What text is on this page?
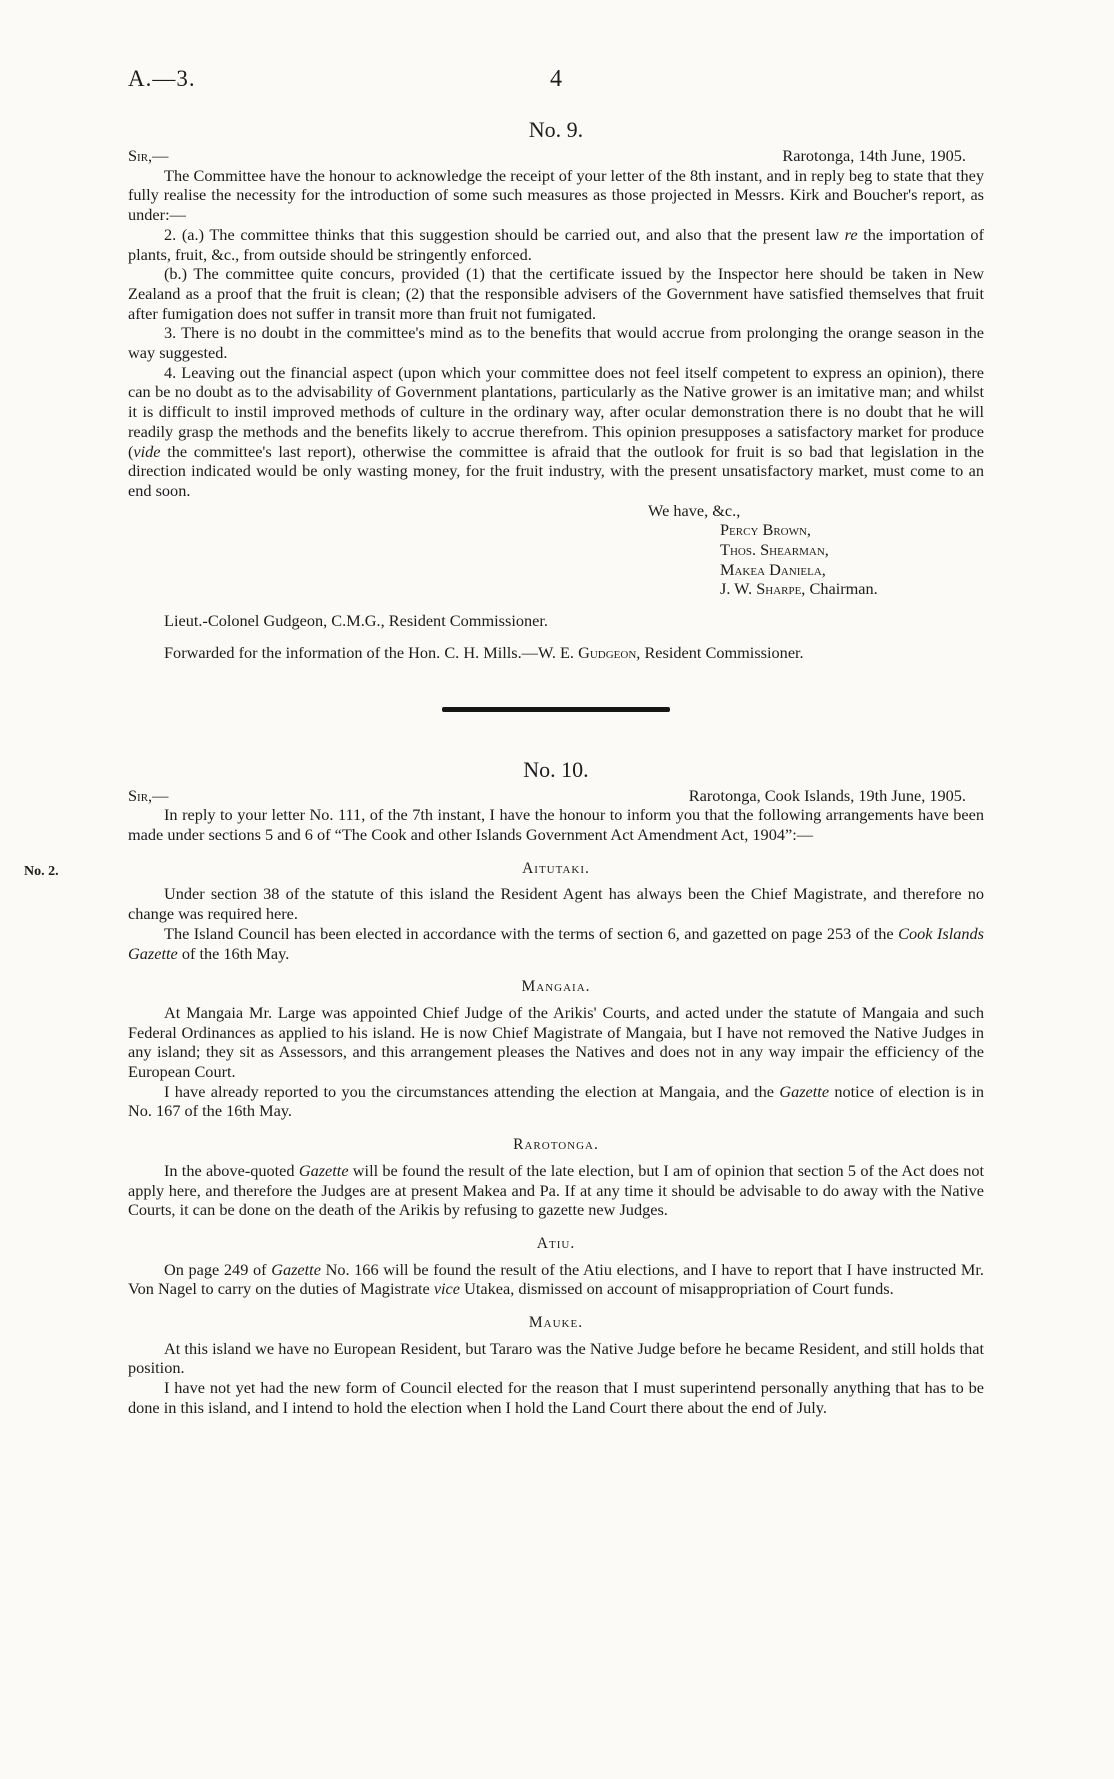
A.—3.	4
No. 2.
No. 9.
Sir,—	Rarotonga, 14th June, 1905.

The Committee have the honour to acknowledge the receipt of your letter of the 8th instant, and in reply beg to state that they fully realise the necessity for the introduction of some such measures as those projected in Messrs. Kirk and Boucher's report, as under:—

2. (a.) The committee thinks that this suggestion should be carried out, and also that the present law re the importation of plants, fruit, &c., from outside should be stringently enforced.

(b.) The committee quite concurs, provided (1) that the certificate issued by the Inspector here should be taken in New Zealand as a proof that the fruit is clean; (2) that the responsible advisers of the Government have satisfied themselves that fruit after fumigation does not suffer in transit more than fruit not fumigated.

3. There is no doubt in the committee's mind as to the benefits that would accrue from prolonging the orange season in the way suggested.

4. Leaving out the financial aspect (upon which your committee does not feel itself competent to express an opinion), there can be no doubt as to the advisability of Government plantations, particularly as the Native grower is an imitative man; and whilst it is difficult to instil improved methods of culture in the ordinary way, after ocular demonstration there is no doubt that he will readily grasp the methods and the benefits likely to accrue therefrom. This opinion presupposes a satisfactory market for produce (vide the committee's last report), otherwise the committee is afraid that the outlook for fruit is so bad that legislation in the direction indicated would be only wasting money, for the fruit industry, with the present unsatisfactory market, must come to an end soon.

We have, &c.,
Percy Brown,
Thos. Shearman,
Makea Daniela,
J. W. Sharpe, Chairman.

Lieut.-Colonel Gudgeon, C.M.G., Resident Commissioner.

Forwarded for the information of the Hon. C. H. Mills.—W. E. Gudgeon, Resident Commissioner.

No. 10.
Sir,—	Rarotonga, Cook Islands, 19th June, 1905.

In reply to your letter No. 111, of the 7th instant, I have the honour to inform you that the following arrangements have been made under sections 5 and 6 of “The Cook and other Islands Government Act Amendment Act, 1904”:—

Aitutaki.

Under section 38 of the statute of this island the Resident Agent has always been the Chief Magistrate, and therefore no change was required here.

The Island Council has been elected in accordance with the terms of section 6, and gazetted on page 253 of the Cook Islands Gazette of the 16th May.

Mangaia.

At Mangaia Mr. Large was appointed Chief Judge of the Arikis' Courts, and acted under the statute of Mangaia and such Federal Ordinances as applied to his island. He is now Chief Magistrate of Mangaia, but I have not removed the Native Judges in any island; they sit as Assessors, and this arrangement pleases the Natives and does not in any way impair the efficiency of the European Court.

I have already reported to you the circumstances attending the election at Mangaia, and the Gazette notice of election is in No. 167 of the 16th May.

Rarotonga.

In the above-quoted Gazette will be found the result of the late election, but I am of opinion that section 5 of the Act does not apply here, and therefore the Judges are at present Makea and Pa. If at any time it should be advisable to do away with the Native Courts, it can be done on the death of the Arikis by refusing to gazette new Judges.

Atiu.

On page 249 of Gazette No. 166 will be found the result of the Atiu elections, and I have to report that I have instructed Mr. Von Nagel to carry on the duties of Magistrate vice Utakea, dismissed on account of misappropriation of Court funds.

Mauke.

At this island we have no European Resident, but Tararo was the Native Judge before he became Resident, and still holds that position.

I have not yet had the new form of Council elected for the reason that I must superintend personally anything that has to be done in this island, and I intend to hold the election when I hold the Land Court there about the end of July.
